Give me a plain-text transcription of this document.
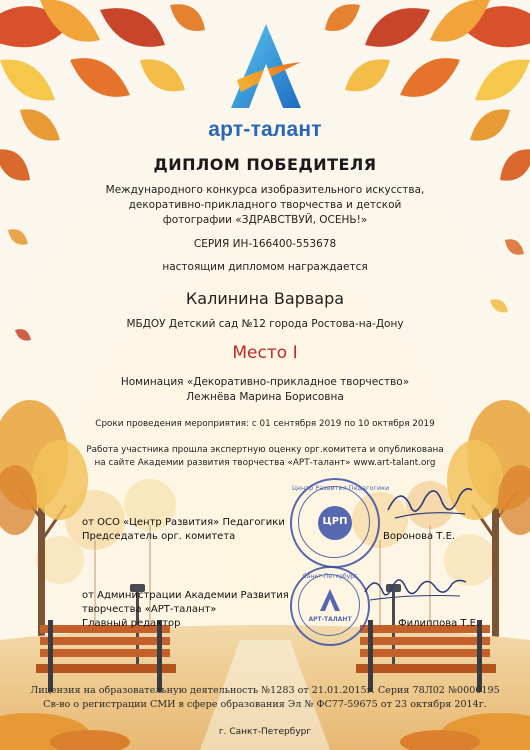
арт-талант
ДИПЛОМ ПОБЕДИТЕЛЯ
Международного конкурса изобразительного искусства,
декоративно-прикладного творчества и детской
фотографии «ЗДРАВСТВУЙ, ОСЕНЬ!»
СЕРИЯ ИН-166400-553678
настоящим дипломом награждается
Калинина Варвара
МБДОУ Детский сад №12 города Ростова-на-Дону
Место I
Номинация «Декоративно-прикладное творчество»
Лежнёва Марина Борисовна
Сроки проведения мероприятия: с 01 сентября 2019 по 10 октября 2019
Работа участника прошла экспертную оценку орг.комитета и опубликована
на сайте Академии развития творчества «АРТ-талант» www.art-talant.org
Центр Развития Педагогики
ЦРП
от ОСО «Центр Развития» Педагогики
Председатель орг. комитета	Воронова Т.Е.
Санкт-Петербург
АРТ-ТАЛАНТ
от Администрации Академии Развития
творчества «АРТ-талант»
Главный редактор	Филиппова Т.Е.
Лицензия на образовательную деятельность №1283 от 21.01.2015г. Серия 78Л02 №0000195
Св-во о регистрации СМИ в сфере образования Эл № ФС77-59675 от 23 октября 2014г.
г. Санкт-Петербург
